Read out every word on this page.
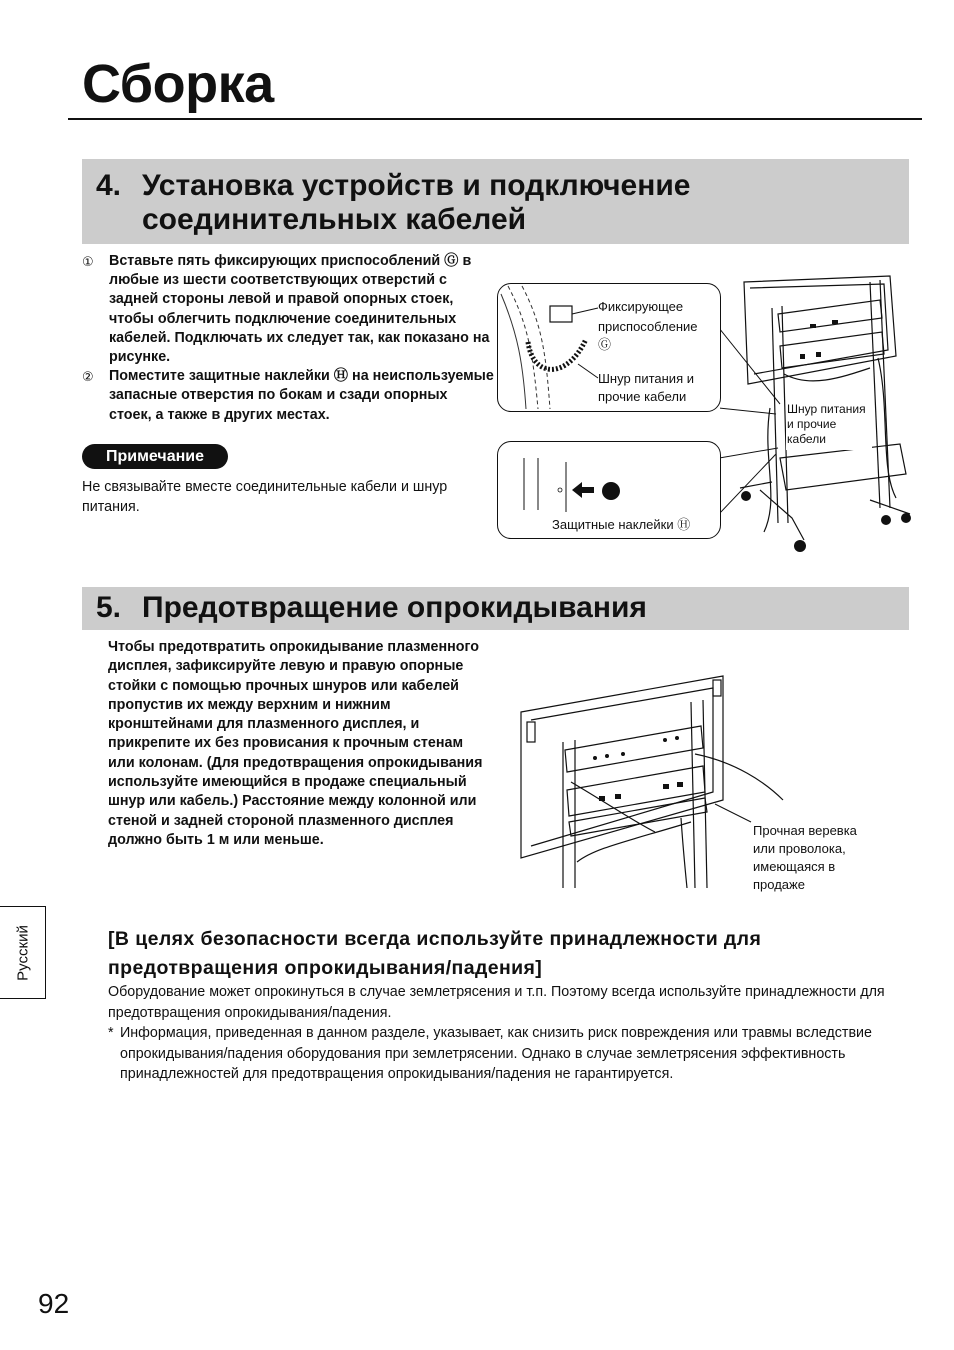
Сборка
4. Установка устройств и подключение соединительных кабелей
①	Вставьте пять фиксирующих приспособлений Ⓖ в любые из шести соответствующих отверстий с задней стороны левой и правой опорных стоек, чтобы облегчить подключение соединительных кабелей. Подключать их следует так, как показано на рисунке.
②	Поместите защитные наклейки Ⓗ на неиспользуемые запасные отверстия по бокам и сзади опорных стоек, а также в других местах.
Примечание
Не связывайте вместе соединительные кабели и шнур питания.
Фиксирующее
приспособление
Ⓖ
Шнур питания и
прочие кабели
Защитные наклейки Ⓗ
Шнур питания
и прочие
кабели
5. Предотвращение опрокидывания
Чтобы предотвратить опрокидывание плазменного дисплея, зафиксируйте левую и правую опорные стойки с помощью прочных шнуров или кабелей пропустив их между верхним и нижним кронштейнами для плазменного дисплея, и прикрепите их без провисания к прочным стенам или колонам. (Для предотвращения опрокидывания используйте имеющийся в продаже специальный шнур или кабель.) Расстояние между колонной или стеной и задней стороной плазменного дисплея должно быть 1 м или меньше.
Прочная веревка
или проволока,
имеющаяся в
продаже
[В целях безопасности всегда используйте принадлежности для предотвращения опрокидывания/падения]
Оборудование может опрокинуться в случае землетрясения и т.п. Поэтому всегда используйте принадлежности для предотвращения опрокидывания/падения.
* Информация, приведенная в данном разделе, указывает, как снизить риск повреждения или травмы вследствие опрокидывания/падения оборудования при землетрясении. Однако в случае землетрясения эффективность принадлежностей для предотвращения опрокидывания/падения не гарантируется.
Русский
92
